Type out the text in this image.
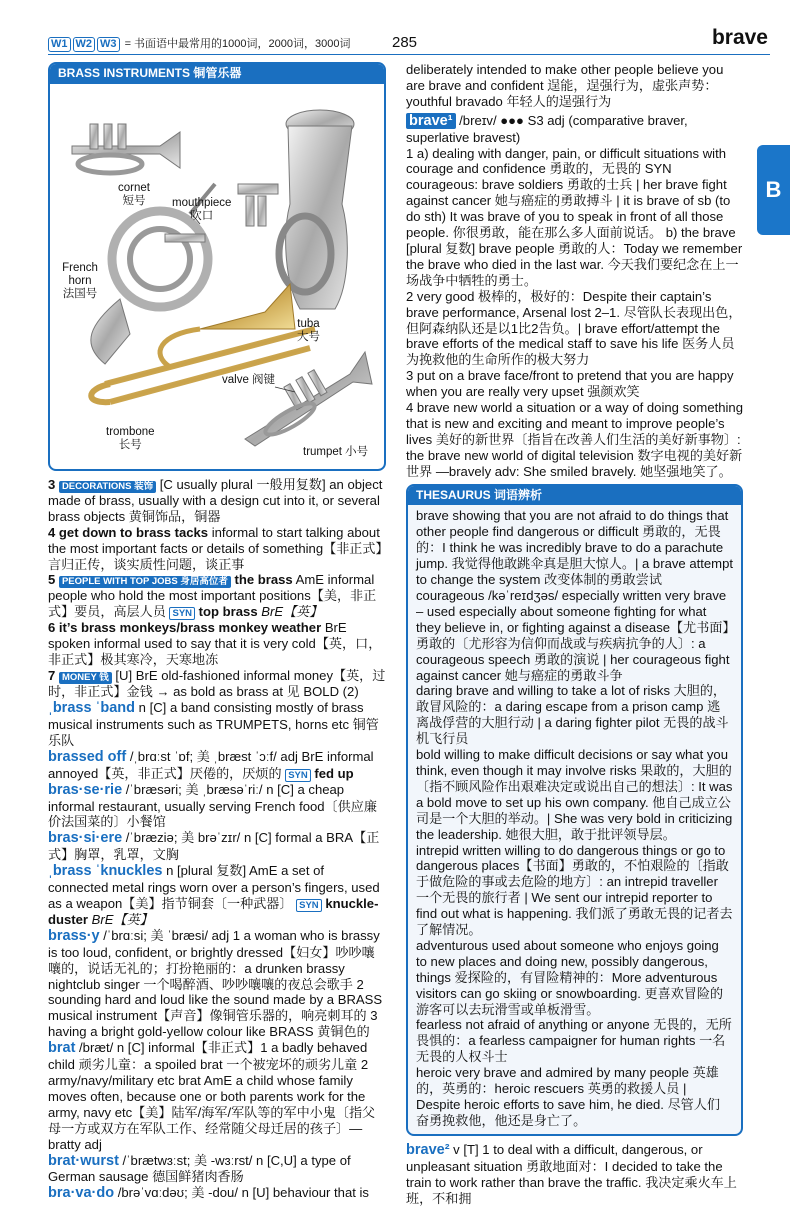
W1 W2 W3 = 书面语中最常用的1000词，2000词，3000词	285	brave
B
BRASS INSTRUMENTS 铜管乐器
cornet
短号	mouthpiece
吹口
French horn
法国号
tuba
大号
valve 阀键
trombone
长号
trumpet 小号

3 DECORATIONS 装饰 [C usually plural 一般用复数] an object made of brass, usually with a design cut into it, or several brass objects 黄铜饰品，铜器

4 get down to brass tacks informal to start talking about the most important facts or details of something【非正式】言归正传，谈实质性问题，谈正事

5 PEOPLE WITH TOP JOBS 身居高位者 the brass AmE informal people who hold the most important positions【美，非正式】要员，高层人员 SYN top brass BrE【英】

6 it’s brass monkeys/brass monkey weather BrE spoken informal used to say that it is very cold【英，口，非正式】极其寒冷，天寒地冻

7 MONEY 钱 [U] BrE old-fashioned informal money【英，过时，非正式】金钱 → as bold as brass at 见 BOLD (2)

ˌbrass ˈband n [C] a band consisting mostly of brass musical instruments such as TRUMPETS, horns etc 铜管乐队

brassed off /ˌbrɑːst ˈɒf; 美 ˌbræst ˈɔːf/ adj BrE informal annoyed【英，非正式】厌倦的，厌烦的 SYN fed up

bras·se·rie /ˈbræsəri; 美 ˌbræsəˈriː/ n [C] a cheap informal restaurant, usually serving French food〔供应廉价法国菜的〕小餐馆

bras·si·ere /ˈbræziə; 美 brəˈzɪr/ n [C] formal a BRA【正式】胸罩，乳罩，文胸

ˌbrass ˈknuckles n [plural 复数] AmE a set of connected metal rings worn over a person’s fingers, used as a weapon【美】指节铜套〔一种武器〕 SYN knuckle-duster BrE【英】

brass·y /ˈbrɑːsi; 美 ˈbræsi/ adj 1 a woman who is brassy is too loud, confident, or brightly dressed【妇女】吵吵嚷嚷的，说话无礼的；打扮艳丽的：a drunken brassy nightclub singer 一个喝醉酒、吵吵嚷嚷的夜总会歌手 2 sounding hard and loud like the sound made by a BRASS musical instrument【声音】像铜管乐器的，响亮刺耳的 3 having a bright gold-yellow colour like BRASS 黄铜色的

brat /bræt/ n [C] informal【非正式】1 a badly behaved child 顽劣儿童：a spoiled brat 一个被宠坏的顽劣儿童 2 army/navy/military etc brat AmE a child whose family moves often, because one or both parents work for the army, navy etc【美】陆军/海军/军队等的军中小鬼〔指父母一方或双方在军队工作、经常随父母迁居的孩子〕—bratty adj

brat·wurst /ˈbrætwɜːst; 美 -wɜːrst/ n [C,U] a type of German sausage 德国鲜猪肉香肠

bra·va·do /brəˈvɑːdəʊ; 美 -dou/ n [U] behaviour that is

deliberately intended to make other people believe you are brave and confident 逞能，逞强行为，虚张声势：youthful bravado 年轻人的逞强行为

brave¹ /breɪv/ ●●● S3 adj (comparative braver, superlative bravest)

1 a) dealing with danger, pain, or difficult situations with courage and confidence 勇敢的，无畏的 SYN courageous: brave soldiers 勇敢的士兵 | her brave fight against cancer 她与癌症的勇敢搏斗 | it is brave of sb (to do sth) It was brave of you to speak in front of all those people. 你很勇敢，能在那么多人面前说话。 b) the brave [plural 复数] brave people 勇敢的人：Today we remember the brave who died in the last war. 今天我们要纪念在上一场战争中牺牲的勇士。

2 very good 极棒的，极好的：Despite their captain’s brave performance, Arsenal lost 2–1. 尽管队长表现出色，但阿森纳队还是以1比2告负。| brave effort/attempt the brave efforts of the medical staff to save his life 医务人员为挽救他的生命所作的极大努力

3 put on a brave face/front to pretend that you are happy when you are really very upset 强颜欢笑

4 brave new world a situation or a way of doing something that is new and exciting and meant to improve people’s lives 美好的新世界〔指旨在改善人们生活的美好新事物〕: the brave new world of digital television 数字电视的美好新世界 —bravely adv: She smiled bravely. 她坚强地笑了。

THESAURUS 词语辨析

brave showing that you are not afraid to do things that other people find dangerous or difficult 勇敢的，无畏的：I think he was incredibly brave to do a parachute jump. 我觉得他敢跳伞真是胆大惊人。| a brave attempt to change the system 改变体制的勇敢尝试

courageous /kəˈreɪdʒəs/ especially written very brave – used especially about someone fighting for what they believe in, or fighting against a disease【尤书面】勇敢的〔尤形容为信仰而战或与疾病抗争的人〕: a courageous speech 勇敢的演说 | her courageous fight against cancer 她与癌症的勇敢斗争

daring brave and willing to take a lot of risks 大胆的，敢冒风险的：a daring escape from a prison camp 逃离战俘营的大胆行动 | a daring fighter pilot 无畏的战斗机飞行员

bold willing to make difficult decisions or say what you think, even though it may involve risks 果敢的，大胆的〔指不顾风险作出艰难决定或说出自己的想法〕: It was a bold move to set up his own company. 他自己成立公司是一个大胆的举动。| She was very bold in criticizing the leadership. 她很大胆，敢于批评领导层。

intrepid written willing to do dangerous things or go to dangerous places【书面】勇敢的，不怕艰险的〔指敢于做危险的事或去危险的地方〕: an intrepid traveller 一个无畏的旅行者 | We sent our intrepid reporter to find out what is happening. 我们派了勇敢无畏的记者去了解情况。

adventurous used about someone who enjoys going to new places and doing new, possibly dangerous, things 爱探险的，有冒险精神的：More adventurous visitors can go skiing or snowboarding. 更喜欢冒险的游客可以去玩滑雪或单板滑雪。

fearless not afraid of anything or anyone 无畏的，无所畏惧的：a fearless campaigner for human rights 一名无畏的人权斗士

heroic very brave and admired by many people 英雄的，英勇的：heroic rescuers 英勇的救援人员 | Despite heroic efforts to save him, he died. 尽管人们奋勇挽救他，他还是身亡了。

brave² v [T] 1 to deal with a difficult, dangerous, or unpleasant situation 勇敢地面对：I decided to take the train to work rather than brave the traffic. 我决定乘火车上班，不和拥
